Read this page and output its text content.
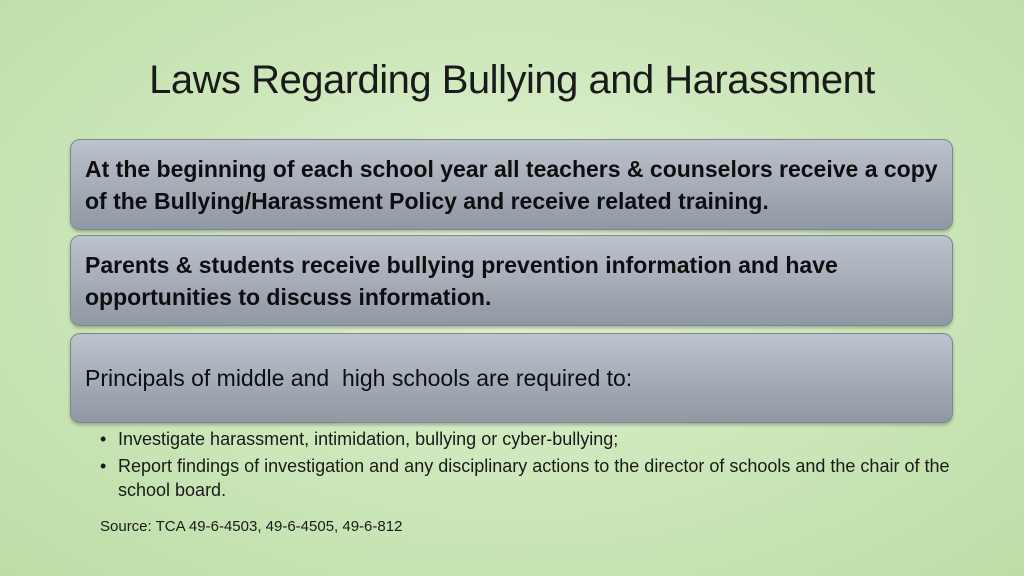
Laws Regarding Bullying and Harassment
At the beginning of each school year all teachers & counselors receive a copy of the Bullying/Harassment Policy and receive related training.
Parents & students receive bullying prevention information and have opportunities to discuss information.
Principals of middle and  high schools are required to:
• Investigate harassment, intimidation, bullying or cyber-bullying;
• Report findings of investigation and any disciplinary actions to the director of schools and the chair of the school board.
Source: TCA 49-6-4503, 49-6-4505, 49-6-812
